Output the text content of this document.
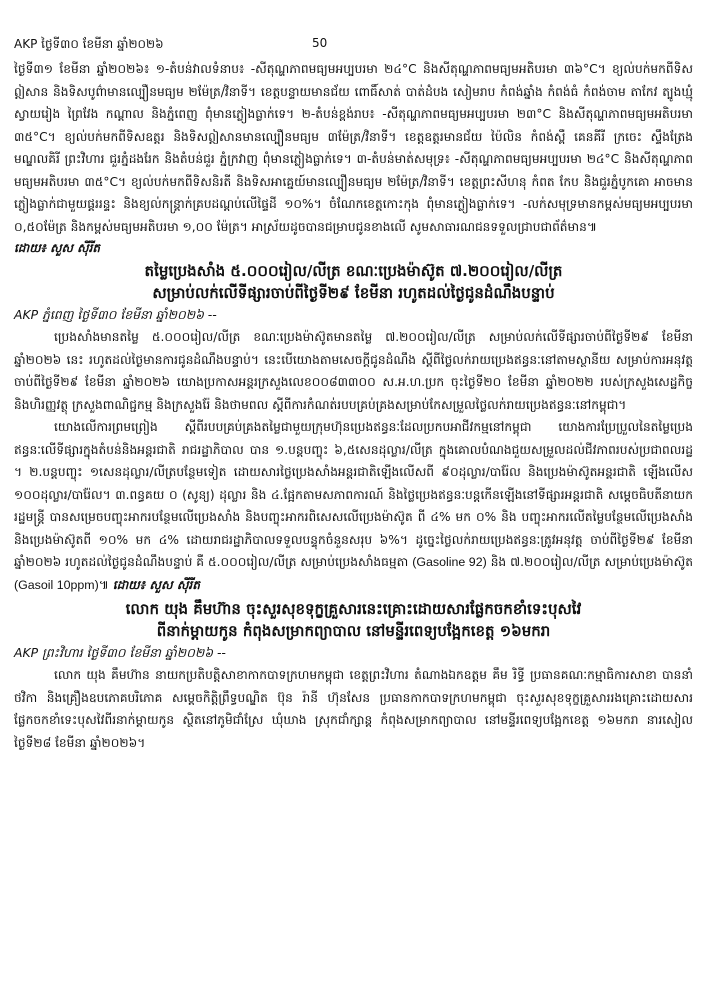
AKP ថ្ងៃទី៣០ ខែមីនា ឆ្នាំ២០២៦	50

ថ្ងៃទី៣១ ខែមីនា ឆ្នាំ២០២៦៖ ១-តំបន់វាលទំនាប៖ -សីតុណ្ហភាពមធ្យមអប្បបរមា ២៤°C និងសីតុណ្ហភាពមធ្យមអតិបរមា ៣៦°C។ ខ្យល់បក់មកពីទិសឦសាន និងទិសបូព៌ាមានល្បឿនមធ្យម ២ម៉ែត្រ/វិនាទី។ ខេត្តបន្ទាយមានជ័យ ពោធិ៍សាត់ បាត់ដំបង សៀមរាប កំពង់ឆ្នាំង កំពង់ធំ កំពង់ចាម តាកែវ ត្បូងឃ្មុំ ស្វាយរៀង ព្រៃវែង កណ្តាល និងភ្នំពេញ ពុំមានភ្លៀងធ្លាក់ទេ។ ២-តំបន់ខ្ពង់រាប៖ -សីតុណ្ហភាពមធ្យមអប្បបរមា ២៣°C និងសីតុណ្ហភាពមធ្យមអតិបរមា ៣៥°C។ ខ្យល់បក់មកពីទិសឧត្តរ និងទិសឦសានមានល្បឿនមធ្យម ៣ម៉ែត្រ/វិនាទី។ ខេត្តឧត្តរមានជ័យ ប៉ៃលិន កំពង់ស្ពឺ គេនគីរី ក្រចេះ ស្ទឹងត្រែង មណ្ឌលគិរី ព្រះវិហារ ជួរភ្នំដងរែក និងតំបន់ជួរ ភ្នំក្រវាញ ពុំមានភ្លៀងធ្លាក់ទេ។ ៣-តំបន់មាត់សមុទ្រ៖ -សីតុណ្ហភាពមធ្យមអប្បបរមា ២៤°C និងសីតុណ្ហភាពមធ្យមអតិបរមា ៣៥°C។ ខ្យល់បក់មកពីទិសនិរតី និងទិសអាគ្នេយ៍មានល្បឿនមធ្យម ២ម៉ែត្រ/វិនាទី។ ខេត្តព្រះសីហនុ កំពត កែប និងជួរភ្នំបូកគោ អាចមានភ្លៀងធ្លាក់ជាមួយផ្គររន្ទះ និងខ្យល់កន្ត្រាក់គ្របដណ្តប់លើផ្ទៃដី ១០%។ ចំណែកខេត្តកោះកុង ពុំមានភ្លៀងធ្លាក់ទេ។ -លក់សមុទ្រមានកម្ពស់មធ្យមអប្បបរមា ០,៥០ម៉ែត្រ និងកម្ពស់មធ្យមអតិបរមា ១,០០ ម៉ែត្រ។ អាស្រ័យដូចបានជម្រាបជូនខាងលើ សូមសាធារណជនទទួលជ្រាបជាព័ត៌មាន៕

ដោយ៖ សួស ស៊ីរីត

តម្លៃប្រេងសាំង ៥.០០០រៀល/លីត្រ ខណៈប្រេងម៉ាស៊ូត ៧.២០០រៀល/លីត្រ
សម្រាប់លក់លើទីផ្សារចាប់ពីថ្ងៃទី២៩ ខែមីនា រហូតដល់ថ្ងៃជូនដំណឹងបន្ទាប់

AKP ភ្នំពេញ ថ្ងៃទី៣០ ខែមីនា ឆ្នាំ២០២៦ --

ប្រេងសាំងមានតម្លៃ ៥.០០០រៀល/លីត្រ ខណៈប្រេងម៉ាស៊ូតមានតម្លៃ ៧.២០០រៀល/លីត្រ សម្រាប់លក់លើទីផ្សារចាប់ពីថ្ងៃទី២៩ ខែមីនា ឆ្នាំ២០២៦ នេះ រហូតដល់ថ្ងៃមានការជូនដំណឹងបន្ទាប់។ នេះបើយោងតាមសេចក្តីជូនដំណឹង ស្តីពីថ្លៃលក់រាយប្រេងឥន្ធនៈនៅតាមស្ថានីយ សម្រាប់ការអនុវត្តចាប់ពីថ្ងៃទី២៩ ខែមីនា ឆ្នាំ២០២៦ យោងប្រកាសអន្តរក្រសួងលេខ០០៨៣៣០០ ស.អ.ហ.ប្រក ចុះថ្ងៃទី២០ ខែមីនា ឆ្នាំ២០២២ របស់ក្រសួងសេដ្ឋកិច្ច និងហិរញ្ញវត្ថុ ក្រសួងពាណិជ្ជកម្ម និងក្រសួងរ៉ែ និងថាមពល ស្តីពីការកំណត់របបគ្រប់គ្រងសម្រាប់កែសម្រួលថ្លៃលក់រាយប្រេងឥន្ធនៈនៅកម្ពុជា។

យោងលើការព្រមព្រៀង ស្តីពីរបបគ្រប់គ្រងតម្លៃជាមួយក្រុមហ៊ុនប្រេងឥន្ធនៈដែលប្រកបអាជីវកម្មនៅកម្ពុជា យោងការប្រែប្រួលនៃតម្លៃប្រេងឥន្ធនៈលើទីផ្សារក្នុងតំបន់និងអន្តរជាតិ រាជរដ្ឋាភិបាល បាន ១.បន្តបញ្ចុះ ៦,៥សេនដុល្លារ/លីត្រ ក្នុងគោលបំណងជួយសម្រួលដល់ជីវភាពរបស់ប្រជាពលរដ្ឋ ។ ២.បន្តបញ្ចុះ ១សេនដុល្លារ/លីត្របន្ថែមទៀត ដោយសារថ្លៃប្រេងសាំងអន្តរជាតិឡើងលើសពី ៩០ដុល្លារ/បារ៉ែល និងប្រេងម៉ាស៊ូតអន្តរជាតិ ឡើងលើស ១០០ដុល្លារ/បារ៉ែល។ ៣.ពន្ធគយ ០ (សូន្យ) ដុល្លារ និង ៤.ផ្អែកតាមសភាពការណ៍ និងថ្លៃប្រេងឥន្ធនៈបន្តកើនឡើងនៅទីផ្សារអន្តរជាតិ សម្តេចធិបតីនាយករដ្ឋមន្ត្រី បានសម្រេចបញ្ចុះអាករបន្ថែមលើប្រេងសាំង និងបញ្ចុះអាករពិសេសលើប្រេងម៉ាស៊ូត ពី ៤% មក ០% និង បញ្ចុះអាករលើតម្លៃបន្ថែមលើប្រេងសាំង និងប្រេងម៉ាស៊ូតពី ១០% មក ៤% ដោយរាជរដ្ឋាភិបាលទទួលបន្ទុកចំនួនសរុប ៦%។ ដូច្នេះថ្លៃលក់រាយប្រេងឥន្ធនៈត្រូវអនុវត្ត ចាប់ពីថ្ងៃទី២៩ ខែមីនា ឆ្នាំ២០២៦ រហូតដល់ថ្ងៃជូនដំណឹងបន្ទាប់ គឺ ៥.០០០រៀល/លីត្រ សម្រាប់ប្រេងសាំងធម្មតា (Gasoline 92) និង ៧.២០០រៀល/លីត្រ សម្រាប់ប្រេងម៉ាស៊ូត (Gasoil 10ppm)៕ ដោយ៖ សួស ស៊ីរីត

លោក យុង គឹមហ៊ាន ចុះសួរសុខទុក្ខគ្រួសារនេះគ្រោះដោយសារផ្លែកចកខាំទេះបុសវៃ
ពីនាក់ម្តាយកូន កំពុងសម្រាកព្យាបាល នៅមន្ទីរពេទ្យបង្អែកខេត្ត ១៦មករា

AKP ព្រះវិហារ ថ្ងៃទី៣០ ខែមីនា ឆ្នាំ២០២៦ --

លោក យុង គឹមហ៊ាន នាយកប្រតិបត្តិសាខាកាកបាទក្រហមកម្ពុជា ខេត្តព្រះវិហារ តំណាងឯកឧត្តម គឹម រិទ្ធី ប្រធានគណៈកម្មាធិការសាខា បាននាំថវិកា និងគ្រឿងឧបភោគបរិភោគ សម្តេចកិត្តិព្រឹទ្ធបណ្ឌិត ប៊ុន រ៉ានី ហ៊ុនសែន ប្រធានកាកបាទក្រហមកម្ពុជា ចុះសួរសុខទុក្ខគ្រួសាររងគ្រោះដោយសារផ្លែកចកខាំទេះបុសវៃពីរនាក់ម្តាយកូន ស្ថិតនៅភូមិជាំស្រែ ឃុំឃាង ស្រុកជាំក្សាន្ត កំពុងសម្រាកព្យាបាល នៅមន្ទីរពេទ្យបង្អែកខេត្ត ១៦មករា នារសៀលថ្ងៃទី២៨ ខែមីនា ឆ្នាំ២០២៦។
